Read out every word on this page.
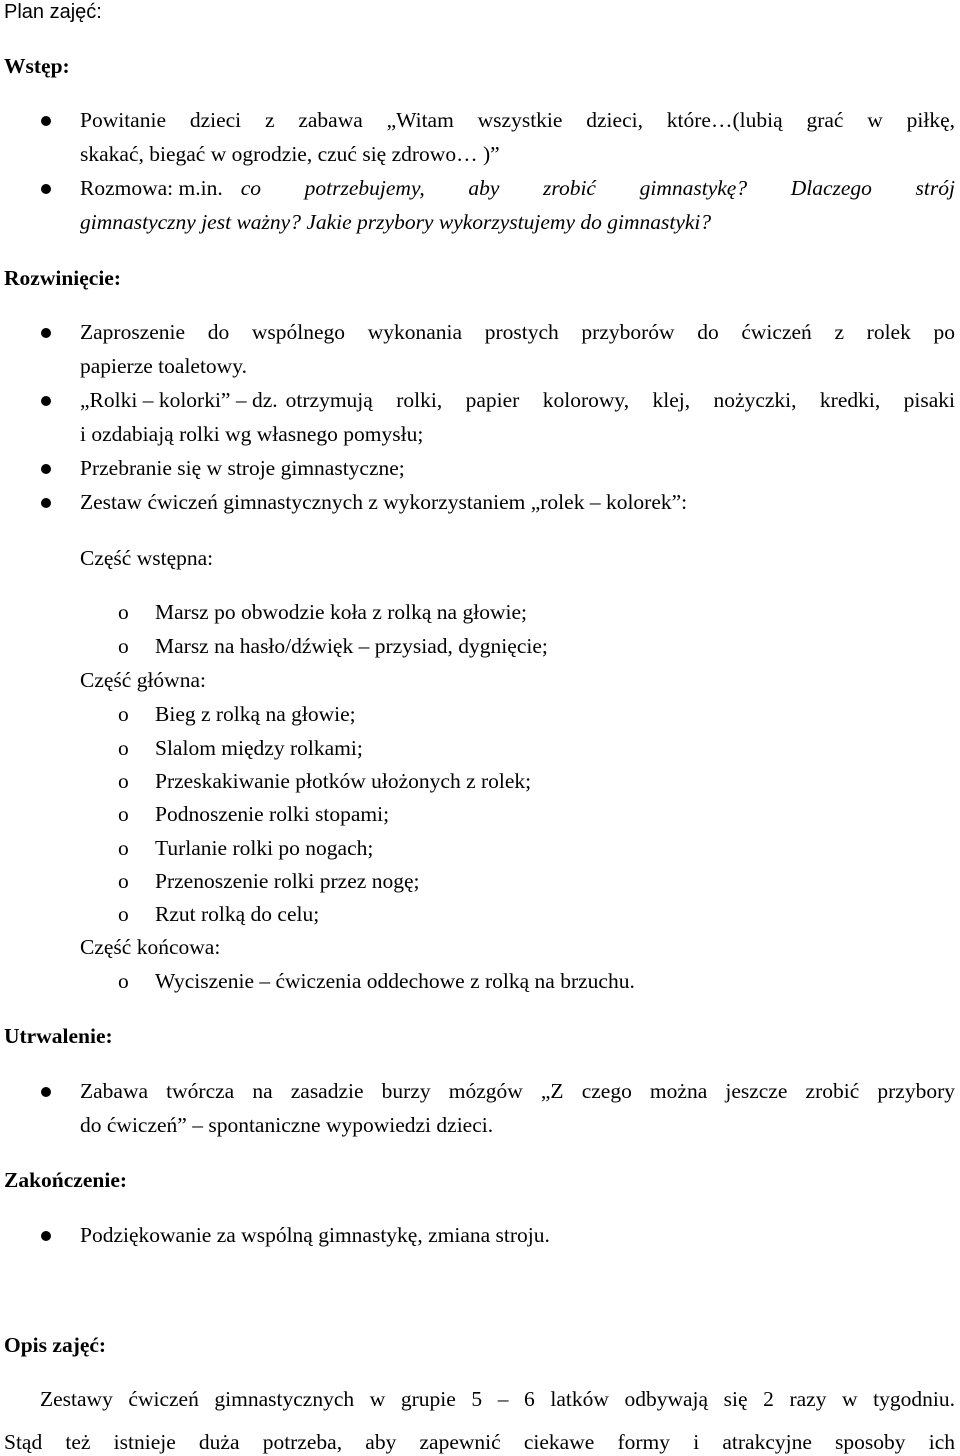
Plan zajęć:
Wstęp:
Powitanie dzieci z zabawa „Witam wszystkie dzieci, które…(lubią grać w piłkę,
skakać, biegać w ogrodzie, czuć się zdrowo… )”
Rozmowa: m.in. co potrzebujemy, aby zrobić gimnastykę? Dlaczego strój
gimnastyczny jest ważny? Jakie przybory wykorzystujemy do gimnastyki?
Rozwinięcie:
Zaproszenie do wspólnego wykonania prostych przyborów do ćwiczeń z rolek po
papierze toaletowy.
„Rolki – kolorki” – dz. otrzymują rolki, papier kolorowy, klej, nożyczki, kredki, pisaki
i ozdabiają rolki wg własnego pomysłu;
Przebranie się w stroje gimnastyczne;
Zestaw ćwiczeń gimnastycznych z wykorzystaniem „rolek – kolorek”:
Część wstępna:
o Marsz po obwodzie koła z rolką na głowie;
o Marsz na hasło/dźwięk – przysiad, dygnięcie;
Część główna:
o Bieg z rolką na głowie;
o Slalom między rolkami;
o Przeskakiwanie płotków ułożonych z rolek;
o Podnoszenie rolki stopami;
o Turlanie rolki po nogach;
o Przenoszenie rolki przez nogę;
o Rzut rolką do celu;
Część końcowa:
o Wyciszenie – ćwiczenia oddechowe z rolką na brzuchu.
Utrwalenie:
Zabawa twórcza na zasadzie burzy mózgów „Z czego można jeszcze zrobić przybory
do ćwiczeń” – spontaniczne wypowiedzi dzieci.
Zakończenie:
Podziękowanie za wspólną gimnastykę, zmiana stroju.
Opis zajęć:
Zestawy ćwiczeń gimnastycznych w grupie 5 – 6 latków odbywają się 2 razy w tygodniu.
Stąd też istnieje duża potrzeba, aby zapewnić ciekawe formy i atrakcyjne sposoby ich
